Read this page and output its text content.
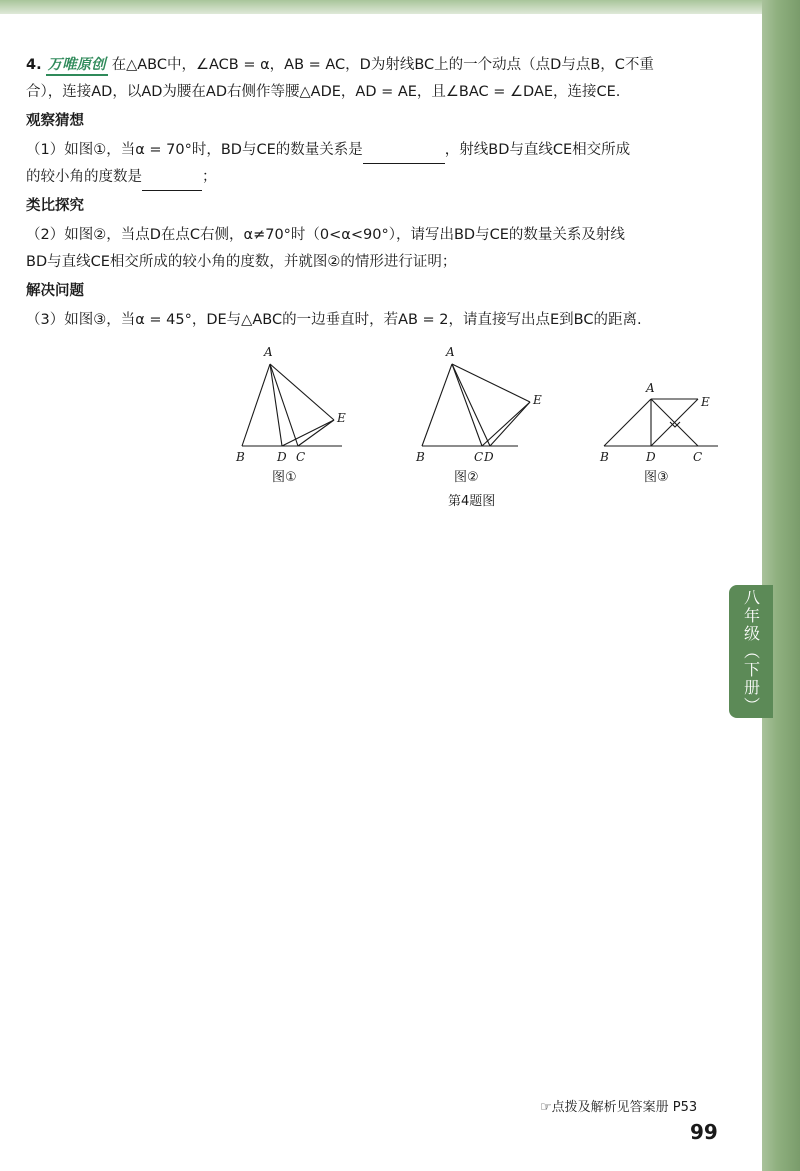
八年级（下册）
4. 万唯原创 在△ABC中，∠ACB = α，AB = AC，D为射线BC上的一个动点（点D与点B，C不重
合），连接AD，以AD为腰在AD右侧作等腰△ADE，AD = AE，且∠BAC = ∠DAE，连接CE.
观察猜想
（1）如图①，当α = 70°时，BD与CE的数量关系是	，射线BD与直线CE相交所成
的较小角的度数是	；
类比探究
（2）如图②，当点D在点C右侧，α≠70°时（0<α<90°），请写出BD与CE的数量关系及射线
BD与直线CE相交所成的较小角的度数，并就图②的情形进行证明；
解决问题
（3）如图③，当α = 45°，DE与△ABC的一边垂直时，若AB = 2，请直接写出点E到BC的距离.
A
B	D C
E
A
B	C D
E
A
B	D	C
E
图①	图②	图③
第4题图
☞点拨及解析见答案册 P53
99
